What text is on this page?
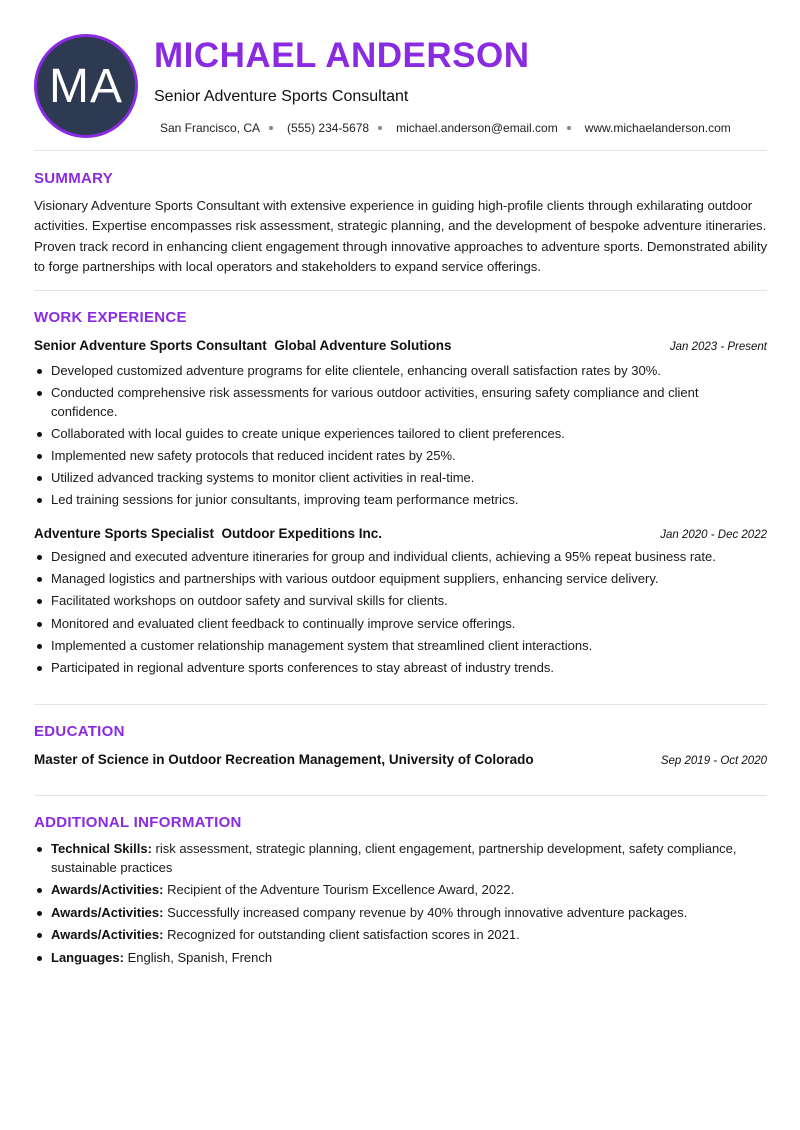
MA
MICHAEL ANDERSON
Senior Adventure Sports Consultant
San Francisco, CA (555) 234-5678 michael.anderson@email.com www.michaelanderson.com
SUMMARY
Visionary Adventure Sports Consultant with extensive experience in guiding high-profile clients through exhilarating outdoor activities. Expertise encompasses risk assessment, strategic planning, and the development of bespoke adventure itineraries. Proven track record in enhancing client engagement through innovative approaches to adventure sports. Demonstrated ability to forge partnerships with local operators and stakeholders to expand service offerings.
WORK EXPERIENCE
Senior Adventure Sports Consultant  Global Adventure Solutions	Jan 2023 - Present
Developed customized adventure programs for elite clientele, enhancing overall satisfaction rates by 30%.
Conducted comprehensive risk assessments for various outdoor activities, ensuring safety compliance and client confidence.
Collaborated with local guides to create unique experiences tailored to client preferences.
Implemented new safety protocols that reduced incident rates by 25%.
Utilized advanced tracking systems to monitor client activities in real-time.
Led training sessions for junior consultants, improving team performance metrics.
Adventure Sports Specialist  Outdoor Expeditions Inc.	Jan 2020 - Dec 2022
Designed and executed adventure itineraries for group and individual clients, achieving a 95% repeat business rate.
Managed logistics and partnerships with various outdoor equipment suppliers, enhancing service delivery.
Facilitated workshops on outdoor safety and survival skills for clients.
Monitored and evaluated client feedback to continually improve service offerings.
Implemented a customer relationship management system that streamlined client interactions.
Participated in regional adventure sports conferences to stay abreast of industry trends.
EDUCATION
Master of Science in Outdoor Recreation Management, University of Colorado	Sep 2019 - Oct 2020
ADDITIONAL INFORMATION
Technical Skills: risk assessment, strategic planning, client engagement, partnership development, safety compliance, sustainable practices
Awards/Activities: Recipient of the Adventure Tourism Excellence Award, 2022.
Awards/Activities: Successfully increased company revenue by 40% through innovative adventure packages.
Awards/Activities: Recognized for outstanding client satisfaction scores in 2021.
Languages: English, Spanish, French
